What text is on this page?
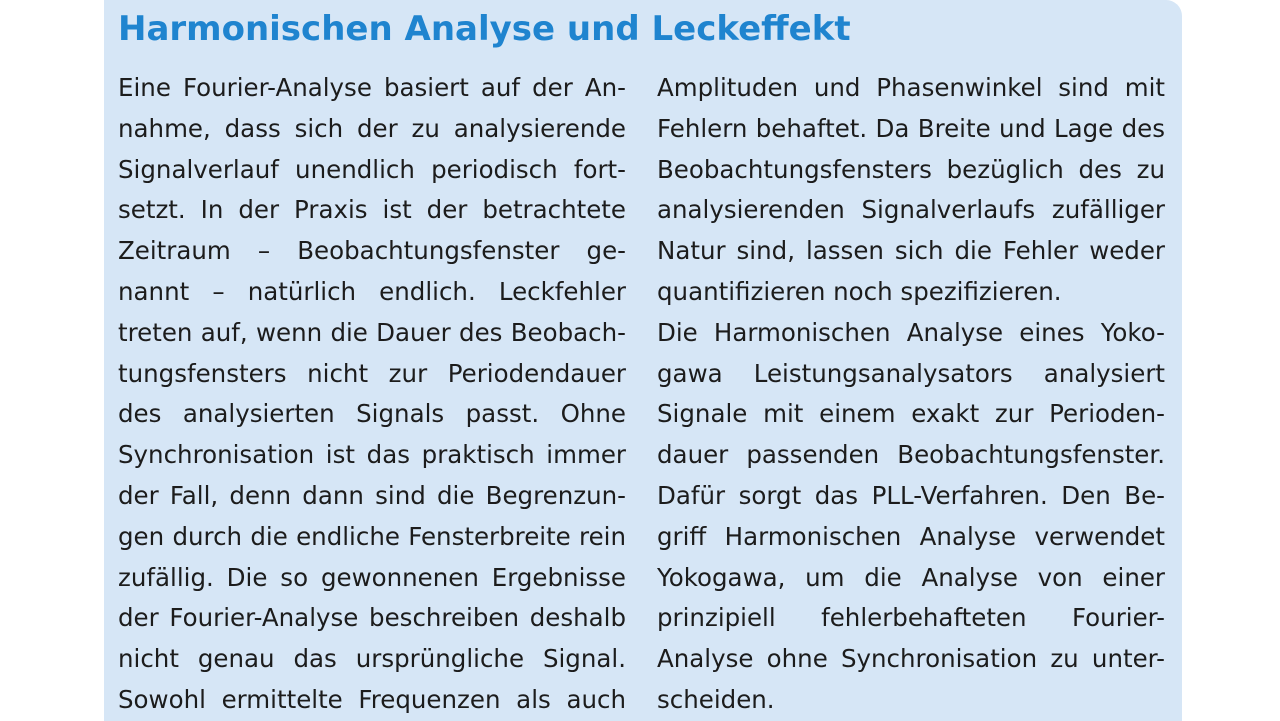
Harmonischen Analyse und Leckeffekt
Eine Fourier-Analyse basiert auf der An-
nahme, dass sich der zu analysierende
Signalverlauf unendlich periodisch fort-
setzt. In der Praxis ist der betrachtete
Zeitraum – Beobachtungsfenster ge-
nannt – natürlich endlich. Leckfehler
treten auf, wenn die Dauer des Beobach-
tungsfensters nicht zur Periodendauer
des analysierten Signals passt. Ohne
Synchronisation ist das praktisch immer
der Fall, denn dann sind die Begrenzun-
gen durch die endliche Fensterbreite rein
zufällig. Die so gewonnenen Ergebnisse
der Fourier-Analyse beschreiben deshalb
nicht genau das ursprüngliche Signal.
Sowohl ermittelte Frequenzen als auch
Amplituden und Phasenwinkel sind mit
Fehlern behaftet. Da Breite und Lage des
Beobachtungsfensters bezüglich des zu
analysierenden Signalverlaufs zufälliger
Natur sind, lassen sich die Fehler weder
quantifizieren noch spezifizieren.
Die Harmonischen Analyse eines Yoko-
gawa Leistungsanalysators analysiert
Signale mit einem exakt zur Perioden-
dauer passenden Beobachtungsfenster.
Dafür sorgt das PLL-Verfahren. Den Be-
griff Harmonischen Analyse verwendet
Yokogawa, um die Analyse von einer
prinzipiell fehlerbehafteten Fourier-
Analyse ohne Synchronisation zu unter-
scheiden.
